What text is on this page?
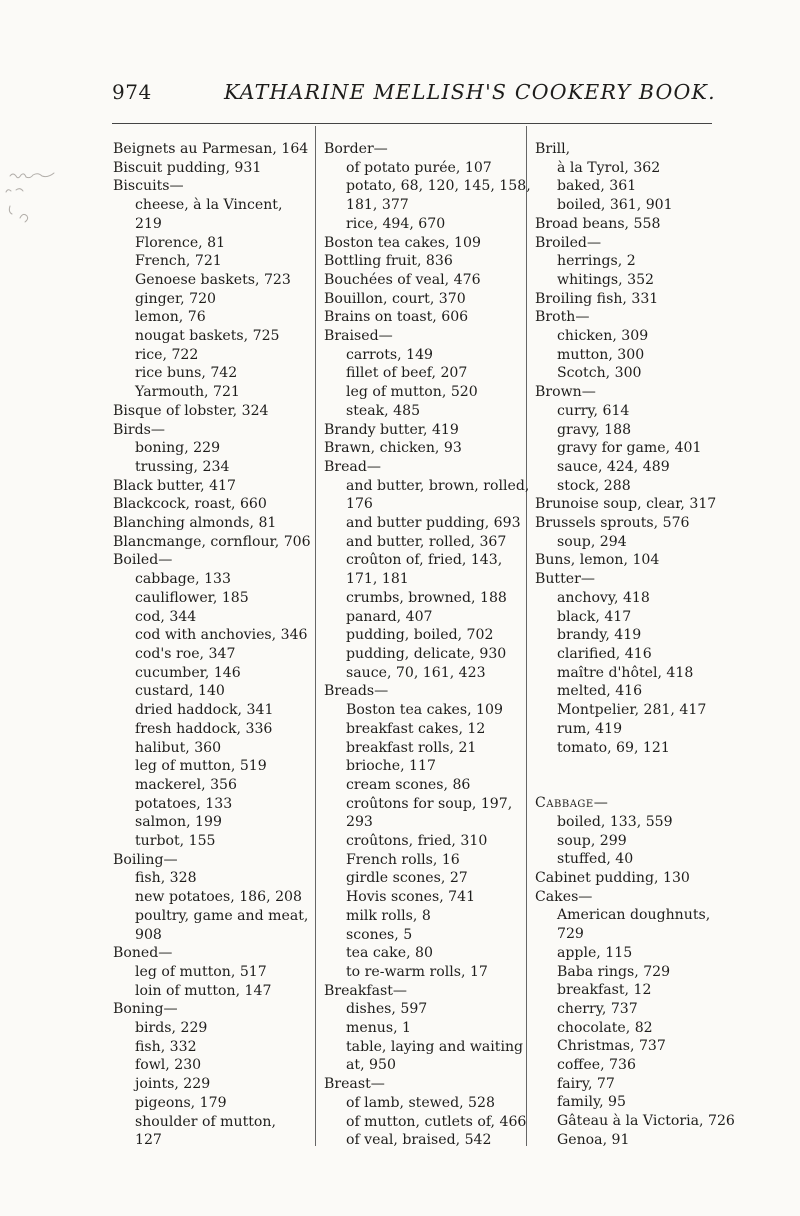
974	KATHARINE MELLISH'S COOKERY BOOK.
Beignets au Parmesan, 164
Biscuit pudding, 931
Biscuits—
cheese, à la Vincent,
219
Florence, 81
French, 721
Genoese baskets, 723
ginger, 720
lemon, 76
nougat baskets, 725
rice, 722
rice buns, 742
Yarmouth, 721
Bisque of lobster, 324
Birds—
boning, 229
trussing, 234
Black butter, 417
Blackcock, roast, 660
Blanching almonds, 81
Blancmange, cornflour, 706
Boiled—
cabbage, 133
cauliflower, 185
cod, 344
cod with anchovies, 346
cod's roe, 347
cucumber, 146
custard, 140
dried haddock, 341
fresh haddock, 336
halibut, 360
leg of mutton, 519
mackerel, 356
potatoes, 133
salmon, 199
turbot, 155
Boiling—
fish, 328
new potatoes, 186, 208
poultry, game and meat,
908
Boned—
leg of mutton, 517
loin of mutton, 147
Boning—
birds, 229
fish, 332
fowl, 230
joints, 229
pigeons, 179
shoulder of mutton,
127
Border—
of potato purée, 107
potato, 68, 120, 145, 158,
181, 377
rice, 494, 670
Boston tea cakes, 109
Bottling fruit, 836
Bouchées of veal, 476
Bouillon, court, 370
Brains on toast, 606
Braised—
carrots, 149
fillet of beef, 207
leg of mutton, 520
steak, 485
Brandy butter, 419
Brawn, chicken, 93
Bread—
and butter, brown, rolled,
176
and butter pudding, 693
and butter, rolled, 367
croûton of, fried, 143,
171, 181
crumbs, browned, 188
panard, 407
pudding, boiled, 702
pudding, delicate, 930
sauce, 70, 161, 423
Breads—
Boston tea cakes, 109
breakfast cakes, 12
breakfast rolls, 21
brioche, 117
cream scones, 86
croûtons for soup, 197,
293
croûtons, fried, 310
French rolls, 16
girdle scones, 27
Hovis scones, 741
milk rolls, 8
scones, 5
tea cake, 80
to re-warm rolls, 17
Breakfast—
dishes, 597
menus, 1
table, laying and waiting
at, 950
Breast—
of lamb, stewed, 528
of mutton, cutlets of, 466
of veal, braised, 542
Brill,
à la Tyrol, 362
baked, 361
boiled, 361, 901
Broad beans, 558
Broiled—
herrings, 2
whitings, 352
Broiling fish, 331
Broth—
chicken, 309
mutton, 300
Scotch, 300
Brown—
curry, 614
gravy, 188
gravy for game, 401
sauce, 424, 489
stock, 288
Brunoise soup, clear, 317
Brussels sprouts, 576
soup, 294
Buns, lemon, 104
Butter—
anchovy, 418
black, 417
brandy, 419
clarified, 416
maître d'hôtel, 418
melted, 416
Montpelier, 281, 417
rum, 419
tomato, 69, 121
Cabbage—
boiled, 133, 559
soup, 299
stuffed, 40
Cabinet pudding, 130
Cakes—
American doughnuts,
729
apple, 115
Baba rings, 729
breakfast, 12
cherry, 737
chocolate, 82
Christmas, 737
coffee, 736
fairy, 77
family, 95
Gâteau à la Victoria, 726
Genoa, 91
